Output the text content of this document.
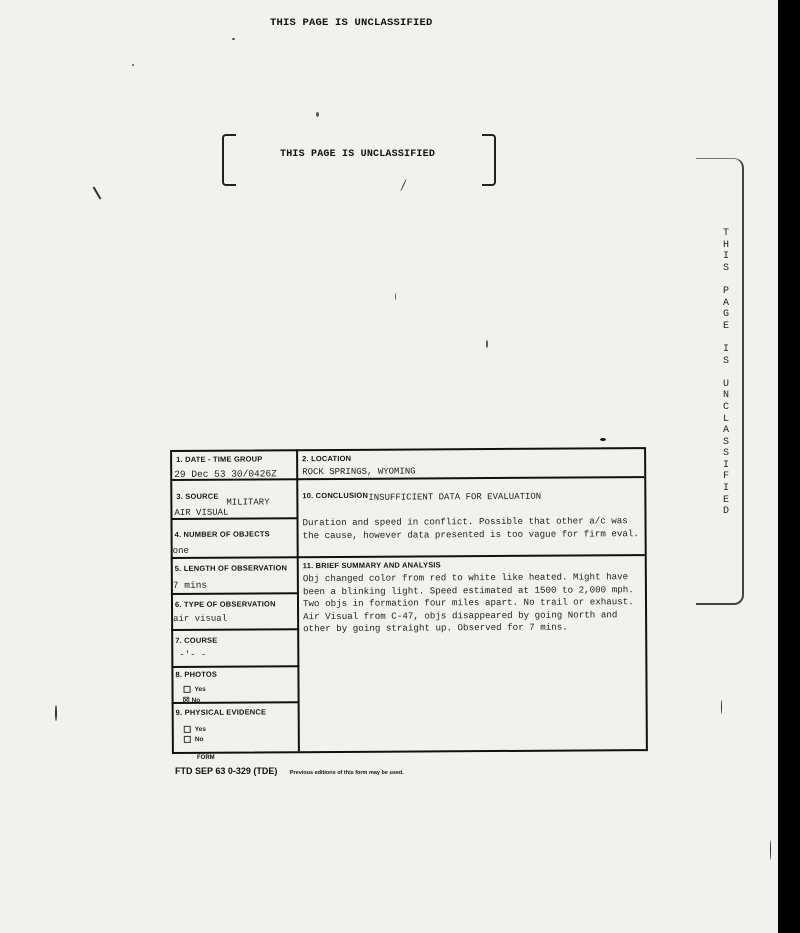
THIS PAGE IS UNCLASSIFIED
THIS PAGE IS UNCLASSIFIED
T
H
I
S

P
A
G
E

I
S

U
N
C
L
A
S
S
I
F
I
E
D
1. DATE - TIME GROUP
29 Dec 53 30/0426Z
2. LOCATION
ROCK SPRINGS, WYOMING
3. SOURCE
MILITARY
AIR VISUAL
10. CONCLUSION INSUFFICIENT DATA FOR EVALUATION
Duration and speed in conflict. Possible that other a/c was
the cause, however data presented is too vague for firm eval.
4. NUMBER OF OBJECTS
one
5. LENGTH OF OBSERVATION
7 mins
11. BRIEF SUMMARY AND ANALYSIS
Obj changed color from red to white like heated. Might have
been a blinking light. Speed estimated at 1500 to 2,000 mph.
Two objs in formation four miles apart. No trail or exhaust.
Air Visual from C-47, objs disappeared by going North and
other by going straight up. Observed for 7 mins.
6. TYPE OF OBSERVATION
air visual
7. COURSE
-'- -
8. PHOTOS
Yes
☒ No
9. PHYSICAL EVIDENCE
Yes
No
FORM
FTD SEP 63 0-329 (TDE) Previous editions of this form may be used.
